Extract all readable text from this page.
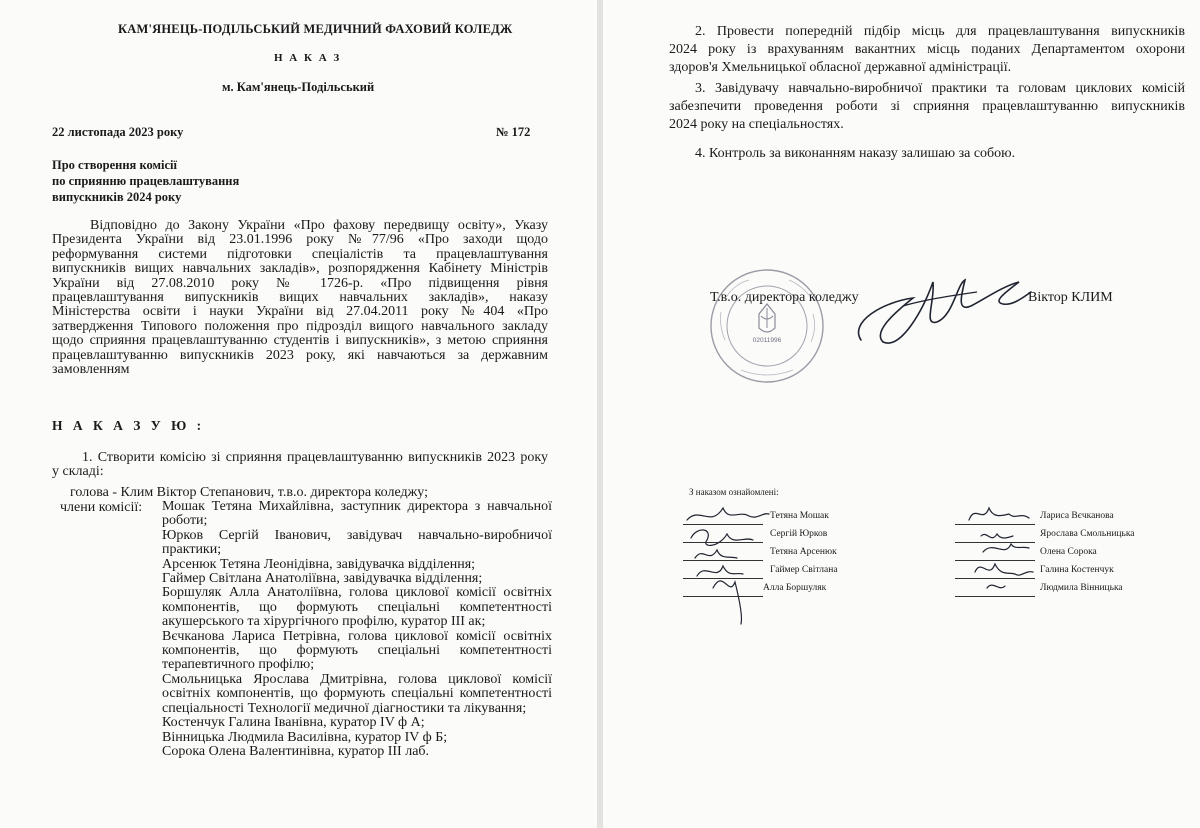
КАМ'ЯНЕЦЬ-ПОДІЛЬСЬКИЙ МЕДИЧНИЙ ФАХОВИЙ КОЛЕДЖ
Н А К А З
м. Кам'янець-Подільський
22 листопада 2023 року	№ 172
Про створення комісії
по сприянню працевлаштування
випускників 2024 року
Відповідно до Закону України «Про фахову передвищу освіту», Указу
Президента України від 23.01.1996 року №77/96 «Про заходи щодо
реформування системи підготовки спеціалістів та працевлаштування
випускників вищих навчальних закладів», розпорядження Кабінету Міністрів
України від 27.08.2010 року № 1726-р. «Про підвищення рівня
працевлаштування випускників вищих навчальних закладів», наказу
Міністерства освіти і науки України від 27.04.2011 року №404 «Про
затвердження Типового положення про підрозділ вищого навчального закладу
щодо сприяння працевлаштуванню студентів і випускників», з метою сприяння
працевлаштуванню випускників 2023 року, які навчаються за державним
замовленням
Н А К А З У Ю :
1. Створити комісію зі сприяння працевлаштуванню випускників 2023 року
у складі:
голова - Клим Віктор Степанович, т.в.о. директора коледжу;
члени комісії: Мошак Тетяна Михайлівна, заступник директора з навчальної
роботи;
Юрков Сергій Іванович, завідувач навчально-виробничої
практики;
Арсенюк Тетяна Леонідівна, завідувачка відділення;
Гаймер Світлана Анатоліївна, завідувачка відділення;
Боршуляк Алла Анатоліївна, голова циклової комісії освітніх
компонентів, що формують спеціальні компетентності
акушерського та хірургічного профілю, куратор ІІІ ак;
Вєчканова Лариса Петрівна, голова циклової комісії освітніх
компонентів, що формують спеціальні компетентності
терапевтичного профілю;
Смольницька Ярослава Дмитрівна, голова циклової комісії
освітніх компонентів, що формують спеціальні компетентності
спеціальності Технології медичної діагностики та лікування;
Костенчук Галина Іванівна, куратор IV ф А;
Вінницька Людмила Василівна, куратор IV ф Б;
Сорока Олена Валентинівна, куратор ІІІ лаб.
2. Провести попередній підбір місць для працевлаштування випускників
2024 року із врахуванням вакантних місць поданих Департаментом охорони
здоров'я Хмельницької обласної державної адміністрації.
3. Завідувачу навчально-виробничої практики та головам циклових комісій
забезпечити проведення роботи зі сприяння працевлаштуванню випускників
2024 року на спеціальностях.
4. Контроль за виконанням наказу залишаю за собою.
02011996
Т.в.о. директора коледжу	Віктор КЛИМ
З наказом ознайомлені:
Тетяна Мошак
Сергій Юрков
Тетяна Арсенюк
Гаймер Світлана
Алла Боршуляк
Лариса Вєчканова
Ярослава Смольницька
Олена Сорока
Галина Костенчук
Людмила Вінницька
